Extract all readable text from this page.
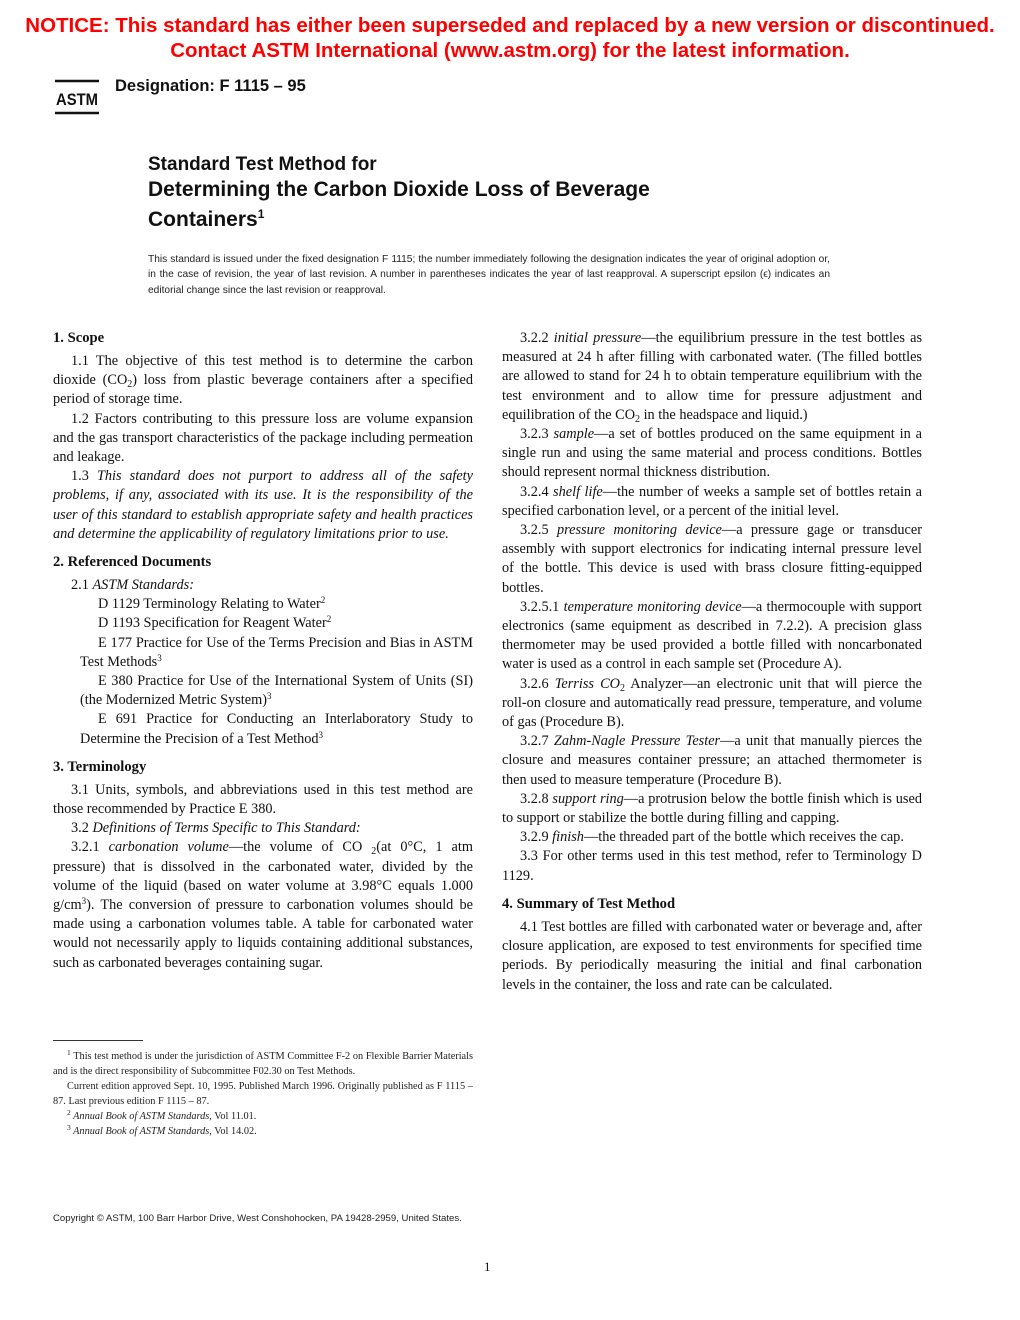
NOTICE: This standard has either been superseded and replaced by a new version or discontinued.
Contact ASTM International (www.astm.org) for the latest information.
ASTM
Designation: F 1115 – 95
Standard Test Method for
Determining the Carbon Dioxide Loss of Beverage
Containers$^1$
This standard is issued under the fixed designation F 1115; the number immediately following the designation indicates the year of original adoption or, in the case of revision, the year of last revision. A number in parentheses indicates the year of last reapproval. A superscript epsilon (ϵ) indicates an editorial change since the last revision or reapproval.
1. Scope

1.1 The objective of this test method is to determine the carbon dioxide $(CO_2)$ loss from plastic beverage containers after a specified period of storage time.

1.2 Factors contributing to this pressure loss are volume expansion and the gas transport characteristics of the package including permeation and leakage.

1.3 This standard does not purport to address all of the safety problems, if any, associated with its use. It is the responsibility of the user of this standard to establish appropriate safety and health practices and determine the applicability of regulatory limitations prior to use.

2. Referenced Documents

2.1 ASTM Standards:

D 1129 Terminology Relating to Water$^2$

D 1193 Specification for Reagent Water$^2$

E 177 Practice for Use of the Terms Precision and Bias in ASTM Test Methods$^3$

E 380 Practice for Use of the International System of Units (SI) (the Modernized Metric System)$^3$

E 691 Practice for Conducting an Interlaboratory Study to Determine the Precision of a Test Method$^3$

3. Terminology

3.1 Units, symbols, and abbreviations used in this test method are those recommended by Practice E 380.

3.2 Definitions of Terms Specific to This Standard:

3.2.1 carbonation volume—the volume of CO $_2$(at 0°C, 1 atm pressure) that is dissolved in the carbonated water, divided by the volume of the liquid (based on water volume at 3.98°C equals 1.000 $g/cm^3$). The conversion of pressure to carbonation volumes should be made using a carbonation volumes table. A table for carbonated water would not necessarily apply to liquids containing additional substances, such as carbonated beverages containing sugar.

3.2.2 initial pressure—the equilibrium pressure in the test bottles as measured at 24 h after filling with carbonated water. (The filled bottles are allowed to stand for 24 h to obtain temperature equilibrium with the test environment and to allow time for pressure adjustment and equilibration of the $CO_2$ in the headspace and liquid.)

3.2.3 sample—a set of bottles produced on the same equipment in a single run and using the same material and process conditions. Bottles should represent normal thickness distribution.

3.2.4 shelf life—the number of weeks a sample set of bottles retain a specified carbonation level, or a percent of the initial level.

3.2.5 pressure monitoring device—a pressure gage or transducer assembly with support electronics for indicating internal pressure level of the bottle. This device is used with brass closure fitting-equipped bottles.

3.2.5.1 temperature monitoring device—a thermocouple with support electronics (same equipment as described in 7.2.2). A precision glass thermometer may be used provided a bottle filled with noncarbonated water is used as a control in each sample set (Procedure A).

3.2.6 Terriss $CO_2$ Analyzer—an electronic unit that will pierce the roll-on closure and automatically read pressure, temperature, and volume of gas (Procedure B).

3.2.7 Zahm-Nagle Pressure Tester—a unit that manually pierces the closure and measures container pressure; an attached thermometer is then used to measure temperature (Procedure B).

3.2.8 support ring—a protrusion below the bottle finish which is used to support or stabilize the bottle during filling and capping.

3.2.9 finish—the threaded part of the bottle which receives the cap.

3.3 For other terms used in this test method, refer to Terminology D 1129.

4. Summary of Test Method

4.1 Test bottles are filled with carbonated water or beverage and, after closure application, are exposed to test environments for specified time periods. By periodically measuring the initial and final carbonation levels in the container, the loss and rate can be calculated.

$^1$ This test method is under the jurisdiction of ASTM Committee F-2 on Flexible Barrier Materials and is the direct responsibility of Subcommittee F02.30 on Test Methods.

Current edition approved Sept. 10, 1995. Published March 1996. Originally published as F 1115 – 87. Last previous edition F 1115 – 87.

$^2$ Annual Book of ASTM Standards, Vol 11.01.

$^3$ Annual Book of ASTM Standards, Vol 14.02.

Copyright © ASTM, 100 Barr Harbor Drive, West Conshohocken, PA 19428-2959, United States.
1
